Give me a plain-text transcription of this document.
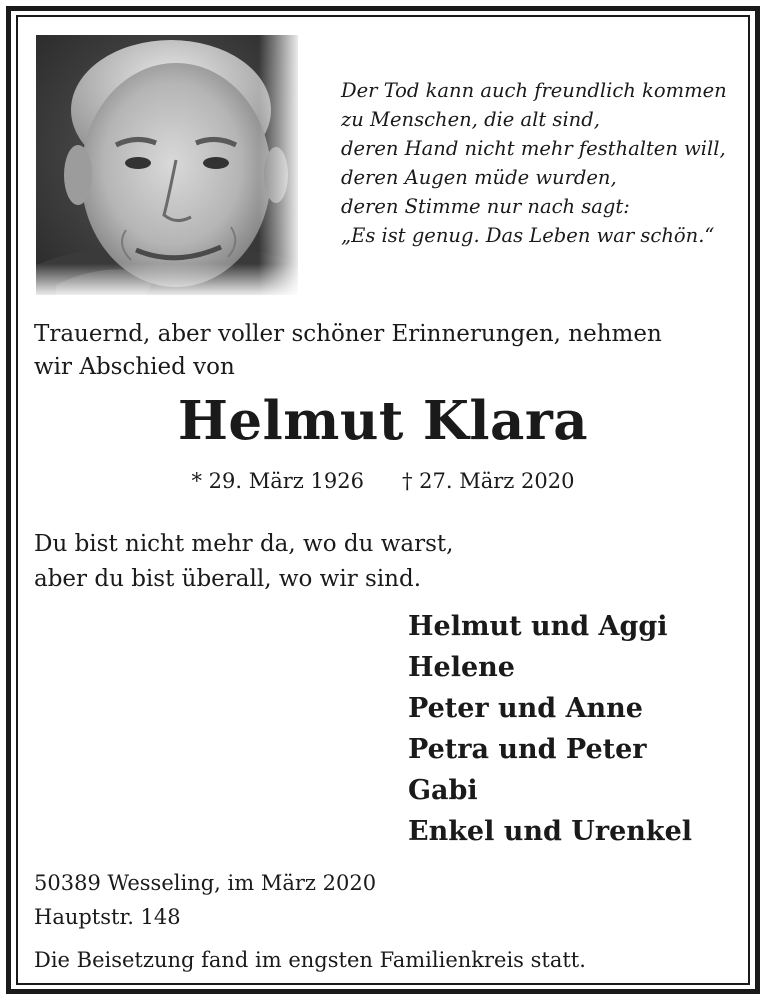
Der Tod kann auch freundlich kommen
zu Menschen, die alt sind,
deren Hand nicht mehr festhalten will,
deren Augen müde wurden,
deren Stimme nur nach sagt:
„Es ist genug. Das Leben war schön.“
Trauernd, aber voller schöner Erinnerungen, nehmen
wir Abschied von
Helmut Klara
* 29. März 1926 † 27. März 2020
Du bist nicht mehr da, wo du warst,
aber du bist überall, wo wir sind.
Helmut und Aggi
Helene
Peter und Anne
Petra und Peter
Gabi
Enkel und Urenkel
50389 Wesseling, im März 2020
Hauptstr. 148
Die Beisetzung fand im engsten Familienkreis statt.
